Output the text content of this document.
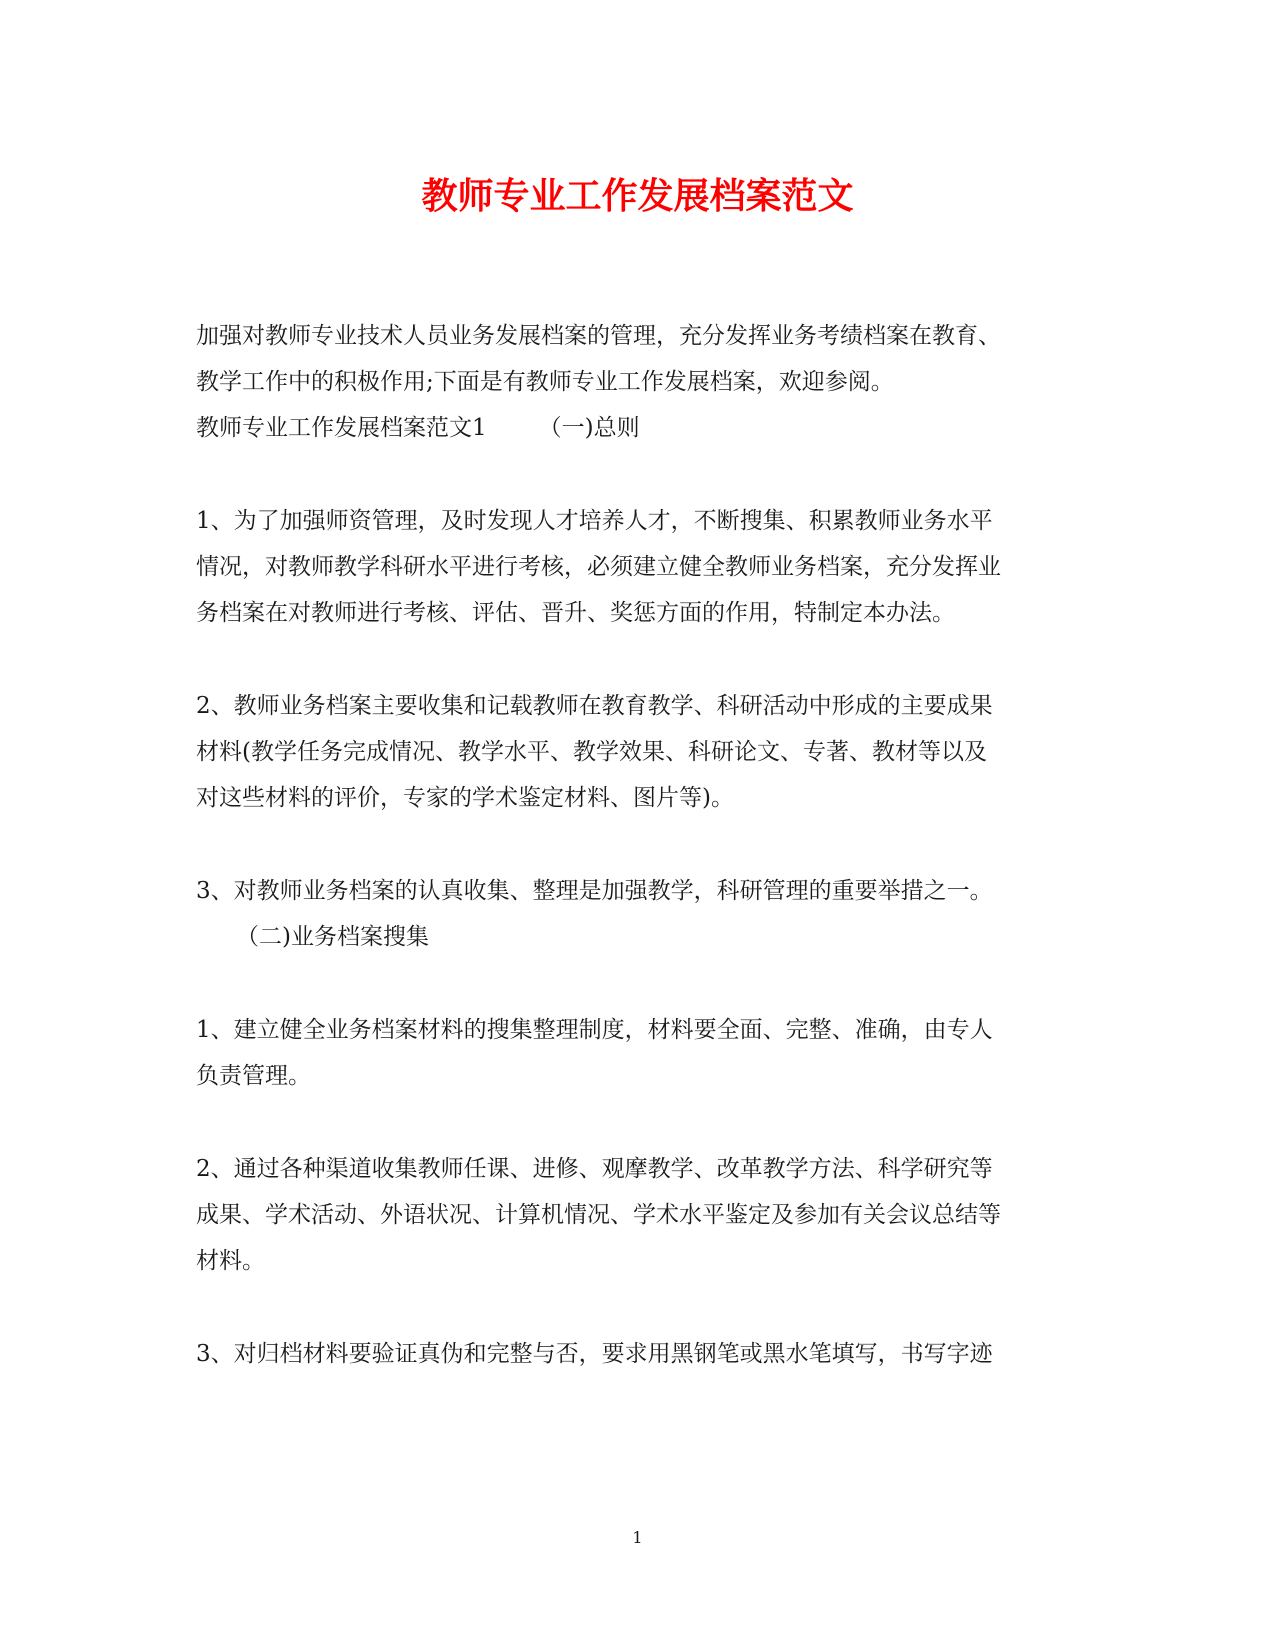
教师专业工作发展档案范文
加强对教师专业技术人员业务发展档案的管理，充分发挥业务考绩档案在教育、
教学工作中的积极作用;下面是有教师专业工作发展档案，欢迎参阅。
教师专业工作发展档案范文1 （一)总则
1、为了加强师资管理，及时发现人才培养人才，不断搜集、积累教师业务水平
情况，对教师教学科研水平进行考核，必须建立健全教师业务档案，充分发挥业
务档案在对教师进行考核、评估、晋升、奖惩方面的作用，特制定本办法。
2、教师业务档案主要收集和记载教师在教育教学、科研活动中形成的主要成果
材料(教学任务完成情况、教学水平、教学效果、科研论文、专著、教材等以及
对这些材料的评价，专家的学术鉴定材料、图片等)。
3、对教师业务档案的认真收集、整理是加强教学，科研管理的重要举措之一。
（二)业务档案搜集
1、建立健全业务档案材料的搜集整理制度，材料要全面、完整、准确，由专人
负责管理。
2、通过各种渠道收集教师任课、进修、观摩教学、改革教学方法、科学研究等
成果、学术活动、外语状况、计算机情况、学术水平鉴定及参加有关会议总结等
材料。
3、对归档材料要验证真伪和完整与否，要求用黑钢笔或黑水笔填写，书写字迹
1
